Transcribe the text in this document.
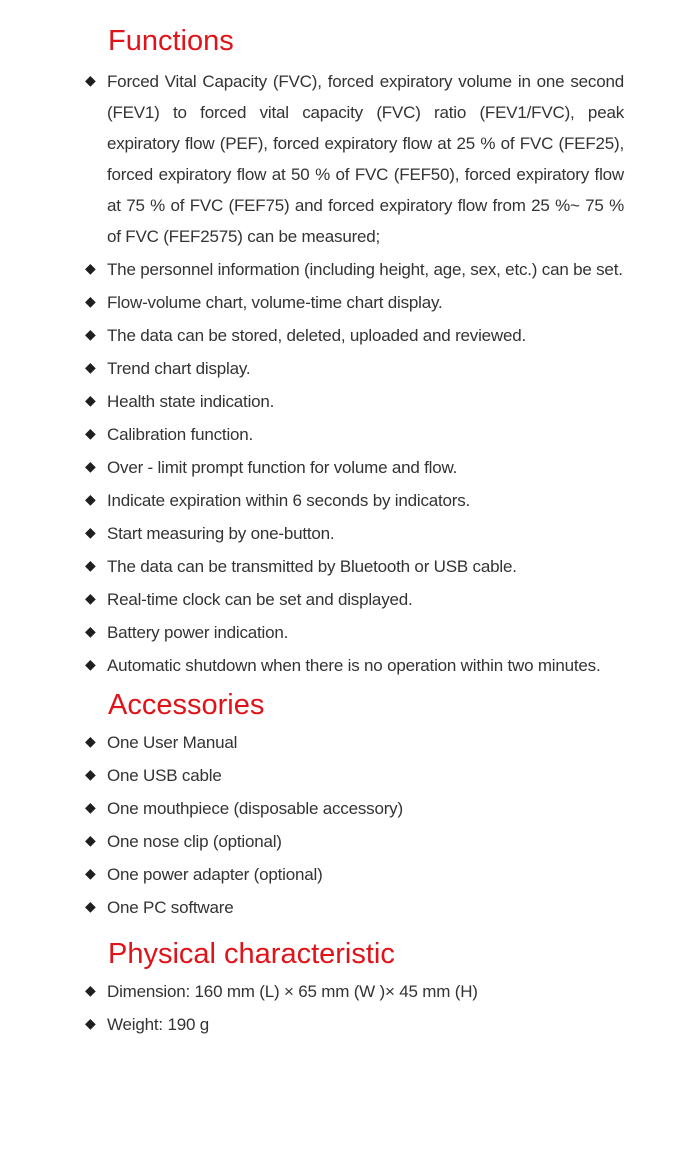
Functions
◆ Forced Vital Capacity (FVC), forced expiratory volume in one second (FEV1) to forced vital capacity (FVC) ratio (FEV1/FVC), peak expiratory flow (PEF), forced expiratory flow at 25 % of FVC (FEF25), forced expiratory flow at 50 % of FVC (FEF50), forced expiratory flow at 75 % of FVC (FEF75) and forced expiratory flow from 25 %~ 75 % of FVC (FEF2575) can be measured;
◆ The personnel information (including height, age, sex, etc.) can be set.
◆ Flow-volume chart, volume-time chart display.
◆ The data can be stored, deleted, uploaded and reviewed.
◆ Trend chart display.
◆ Health state indication.
◆ Calibration function.
◆ Over - limit prompt function for volume and flow.
◆ Indicate expiration within 6 seconds by indicators.
◆ Start measuring by one-button.
◆ The data can be transmitted by Bluetooth or USB cable.
◆ Real-time clock can be set and displayed.
◆ Battery power indication.
◆ Automatic shutdown when there is no operation within two minutes.
Accessories
◆ One User Manual
◆ One USB cable
◆ One mouthpiece (disposable accessory)
◆ One nose clip (optional)
◆ One power adapter (optional)
◆ One PC software
Physical characteristic
◆ Dimension: 160 mm (L) × 65 mm (W )× 45 mm (H)
◆ Weight: 190 g
